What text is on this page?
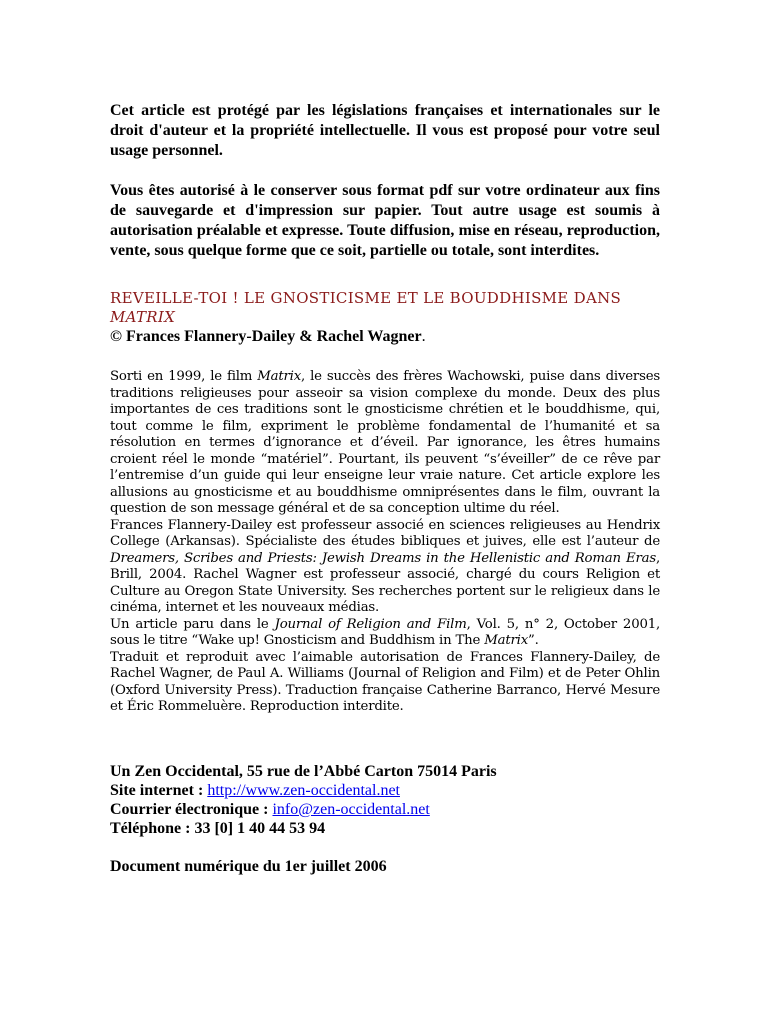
Cet article est protégé par les législations françaises et internationales sur le droit d'auteur et la propriété intellectuelle. Il vous est proposé pour votre seul usage personnel.

Vous êtes autorisé à le conserver sous format pdf sur votre ordinateur aux fins de sauvegarde et d'impression sur papier. Tout autre usage est soumis à autorisation préalable et expresse. Toute diffusion, mise en réseau, reproduction, vente, sous quelque forme que ce soit, partielle ou totale, sont interdites.

REVEILLE-TOI ! LE GNOSTICISME ET LE BOUDDHISME DANS
MATRIX
© Frances Flannery-Dailey & Rachel Wagner.

Sorti en 1999, le film Matrix, le succès des frères Wachowski, puise dans diverses traditions religieuses pour asseoir sa vision complexe du monde. Deux des plus importantes de ces traditions sont le gnosticisme chrétien et le bouddhisme, qui, tout comme le film, expriment le problème fondamental de l’humanité et sa résolution en termes d’ignorance et d’éveil. Par ignorance, les êtres humains croient réel le monde “matériel”. Pourtant, ils peuvent “s’éveiller” de ce rêve par l’entremise d’un guide qui leur enseigne leur vraie nature. Cet article explore les allusions au gnosticisme et au bouddhisme omniprésentes dans le film, ouvrant la question de son message général et de sa conception ultime du réel.

Frances Flannery-Dailey est professeur associé en sciences religieuses au Hendrix College (Arkansas). Spécialiste des études bibliques et juives, elle est l’auteur de Dreamers, Scribes and Priests: Jewish Dreams in the Hellenistic and Roman Eras, Brill, 2004. Rachel Wagner est professeur associé, chargé du cours Religion et Culture au Oregon State University. Ses recherches portent sur le religieux dans le cinéma, internet et les nouveaux médias.

Un article paru dans le Journal of Religion and Film, Vol. 5, n° 2, October 2001, sous le titre “Wake up! Gnosticism and Buddhism in The Matrix”.

Traduit et reproduit avec l’aimable autorisation de Frances Flannery-Dailey, de Rachel Wagner, de Paul A. Williams (Journal of Religion and Film) et de Peter Ohlin (Oxford University Press). Traduction française Catherine Barranco, Hervé Mesure et Éric Rommeluère. Reproduction interdite.

Un Zen Occidental, 55 rue de l’Abbé Carton 75014 Paris
Site internet : http://www.zen-occidental.net
Courrier électronique : info@zen-occidental.net
Téléphone : 33 [0] 1 40 44 53 94
Document numérique du 1er juillet 2006
